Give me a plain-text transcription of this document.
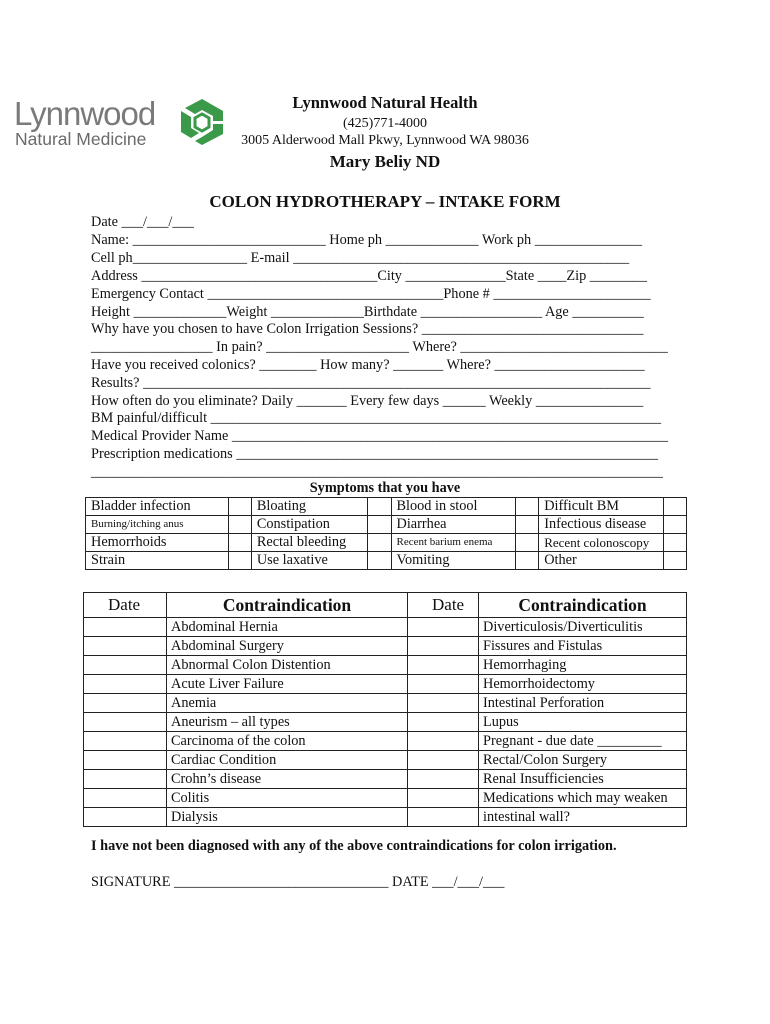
Lynnwood
Natural Medicine
Lynnwood Natural Health
(425)771-4000
3005 Alderwood Mall Pkwy, Lynnwood WA 98036
Mary Beliy ND
COLON HYDROTHERAPY – INTAKE FORM
Date ___/___/___
Name: ___________________________ Home ph _____________ Work ph _______________
Cell ph________________ E-mail _______________________________________________
Address _________________________________City ______________State ____Zip ________
Emergency Contact _________________________________Phone # ______________________
Height _____________Weight _____________Birthdate _________________ Age __________
Why have you chosen to have Colon Irrigation Sessions? _______________________________
_________________ In pain? ____________________ Where? _____________________________
Have you received colonics? ________ How many? _______ Where? _____________________
Results? _______________________________________________________________________
How often do you eliminate? Daily _______ Every few days ______ Weekly _______________
BM painful/difficult _______________________________________________________________
Medical Provider Name _____________________________________________________________
Prescription medications ___________________________________________________________
________________________________________________________________________________
Symptoms that you have
Bladder infection		Bloating		Blood in stool		Difficult BM	
Burning/itching anus		Constipation		Diarrhea		Infectious disease	
Hemorrhoids		Rectal bleeding		Recent barium enema		Recent colonoscopy	
Strain		Use laxative		Vomiting		Other	
Date	Contraindication	Date	Contraindication
	Abdominal Hernia		Diverticulosis/Diverticulitis
	Abdominal Surgery		Fissures and Fistulas
	Abnormal Colon Distention		Hemorrhaging
	Acute Liver Failure		Hemorrhoidectomy
	Anemia		Intestinal Perforation
	Aneurism – all types		Lupus
	Carcinoma of the colon		Pregnant - due date _________
	Cardiac Condition		Rectal/Colon Surgery
	Crohn’s disease		Renal Insufficiencies
	Colitis		Medications which may weaken
	Dialysis		intestinal wall?
I have not been diagnosed with any of the above contraindications for colon irrigation.
SIGNATURE ______________________________ DATE ___/___/___
